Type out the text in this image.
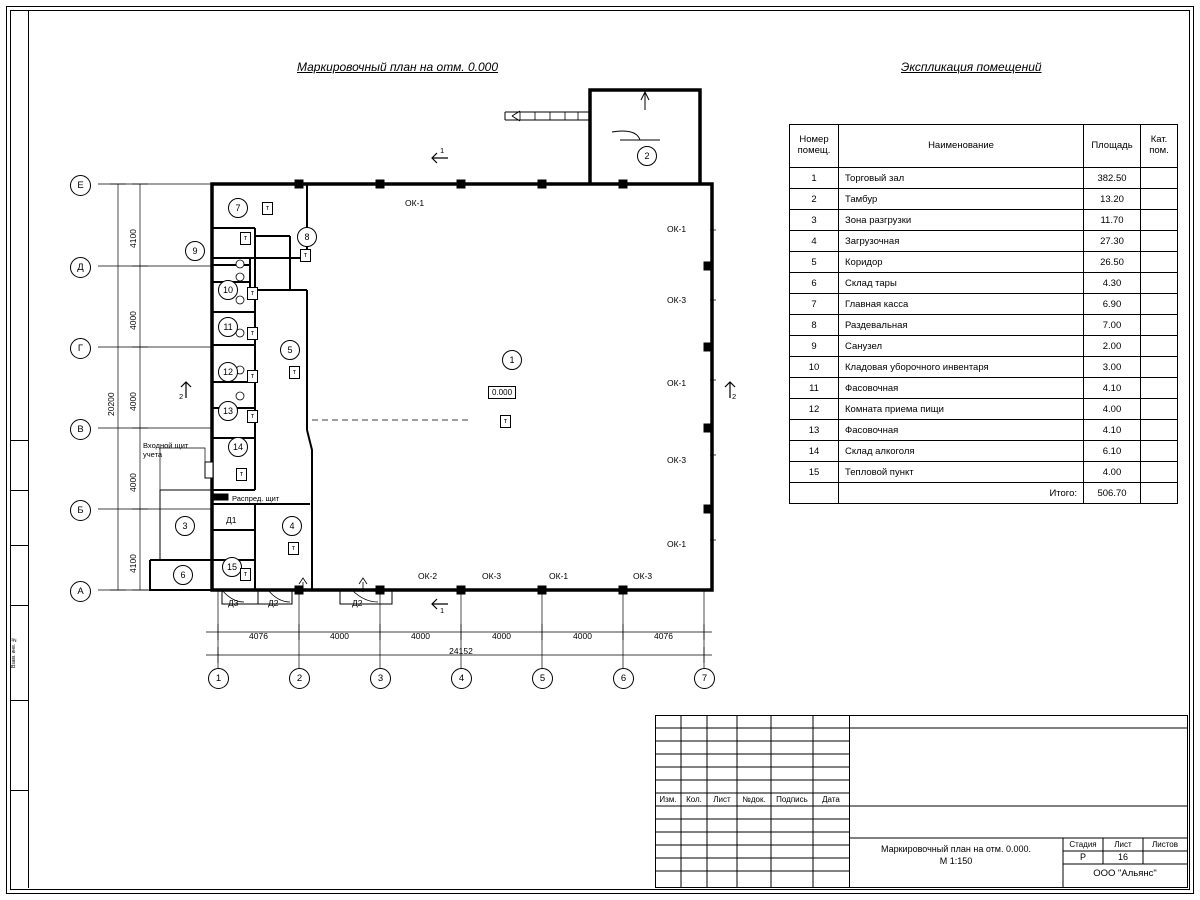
Взам. инв. №
Маркировочный план на отм. 0.000	Экспликация помещений
Номер
помещ.	Наименование	Площадь	Кат.
пом.
1	Торговый зал	382.50	
2	Тамбур	13.20	
3	Зона разгрузки	11.70	
4	Загрузочная	27.30	
5	Коридор	26.50	
6	Склад тары	4.30	
7	Главная касса	6.90	
8	Раздевальная	7.00	
9	Санузел	2.00	
10	Кладовая уборочного инвентаря	3.00	
11	Фасовочная	4.10	
12	Комната приема пищи	4.00	
13	Фасовочная	4.10	
14	Склад алкоголя	6.10	
15	Тепловой пункт	4.00	
	Итого:	506.70	
1
2
3	4
5
6
7
8
9
10
11
12
13
14
15
Е
Д
Г
В
Б
А
1	2	3	4	5	6	7
4076	4000	4000	4000	4000	4076
24152
4100
4000
4000
4000
4100
20200
ОК-1
ОК-1
ОК-3
ОК-1
ОК-3
ОК-1
ОК-2	ОК-3	ОК-1	ОК-3
Д1
Д2
Д3	Д2
0.000
Входной щит
учета
Распред. щит
1
1
2	2
т
т
т
т
т
т
т
т
т
т
т
т
Изм.	Кол.	Лист	№док.	Подпись	Дата
Маркировочный план на отм. 0.000.
М 1:150
Стадия	Лист	Листов
Р	16
ООО "Альянс"
